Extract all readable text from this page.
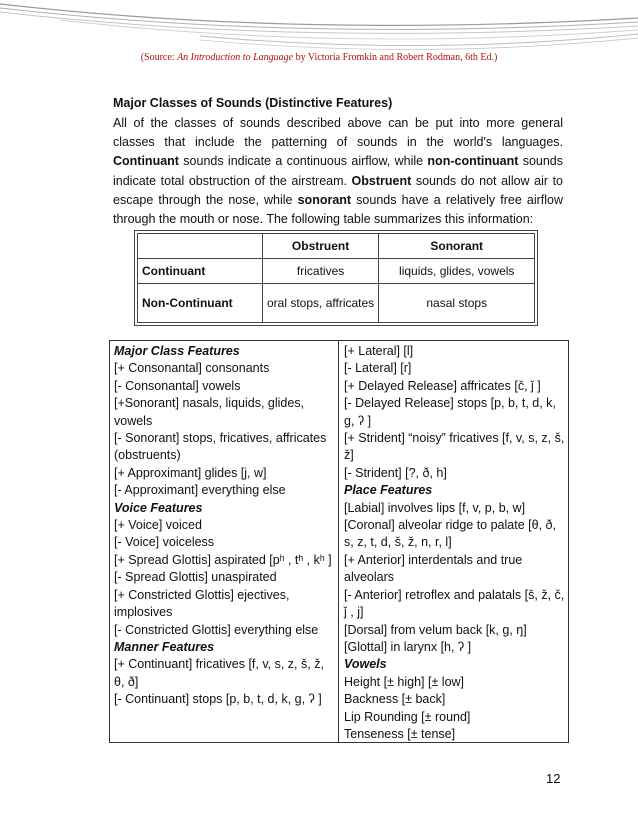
(Source: An Introduction to Language by Victoria Fromkin and Robert Rodman, 6th Ed.)
Major Classes of Sounds (Distinctive Features)
All of the classes of sounds described above can be put into more general classes that include the patterning of sounds in the world's languages. Continuant sounds indicate a continuous airflow, while non-continuant sounds indicate total obstruction of the airstream. Obstruent sounds do not allow air to escape through the nose, while sonorant sounds have a relatively free airflow through the mouth or nose. The following table summarizes this information:
	Obstruent	Sonorant
Continuant	fricatives	liquids, glides, vowels
Non-Continuant	oral stops, affricates	nasal stops
Major Class Features
[+ Consonantal] consonants
[- Consonantal] vowels
[+Sonorant] nasals, liquids, glides, vowels
[- Sonorant] stops, fricatives, affricates (obstruents)
[+ Approximant] glides [j, w]
[- Approximant] everything else
Voice Features
[+ Voice] voiced
[- Voice] voiceless
[+ Spread Glottis] aspirated [pʰ , tʰ , kʰ ]
[- Spread Glottis] unaspirated
[+ Constricted Glottis] ejectives, implosives
[- Constricted Glottis] everything else
Manner Features
[+ Continuant] fricatives [f, v, s, z, š, ž, θ, ð]
[- Continuant] stops [p, b, t, d, k, g, ʔ ]
[+ Lateral] [l]
[- Lateral] [r]
[+ Delayed Release] affricates [č, ǰ ]
[- Delayed Release] stops [p, b, t, d, k, g, ʔ ]
[+ Strident] “noisy” fricatives [f, v, s, z, š, ž]
[- Strident] [?, ð, h]
Place Features
[Labial] involves lips [f, v, p, b, w]
[Coronal] alveolar ridge to palate [θ, ð, s, z, t, d, š, ž, n, r, l]
[+ Anterior] interdentals and true alveolars
[- Anterior] retroflex and palatals [š, ž, č, ǰ , j]
[Dorsal] from velum back [k, g, ŋ]
[Glottal] in larynx [h, ʔ ]
Vowels
Height [± high] [± low]
Backness [± back]
Lip Rounding [± round]
Tenseness [± tense]
12
